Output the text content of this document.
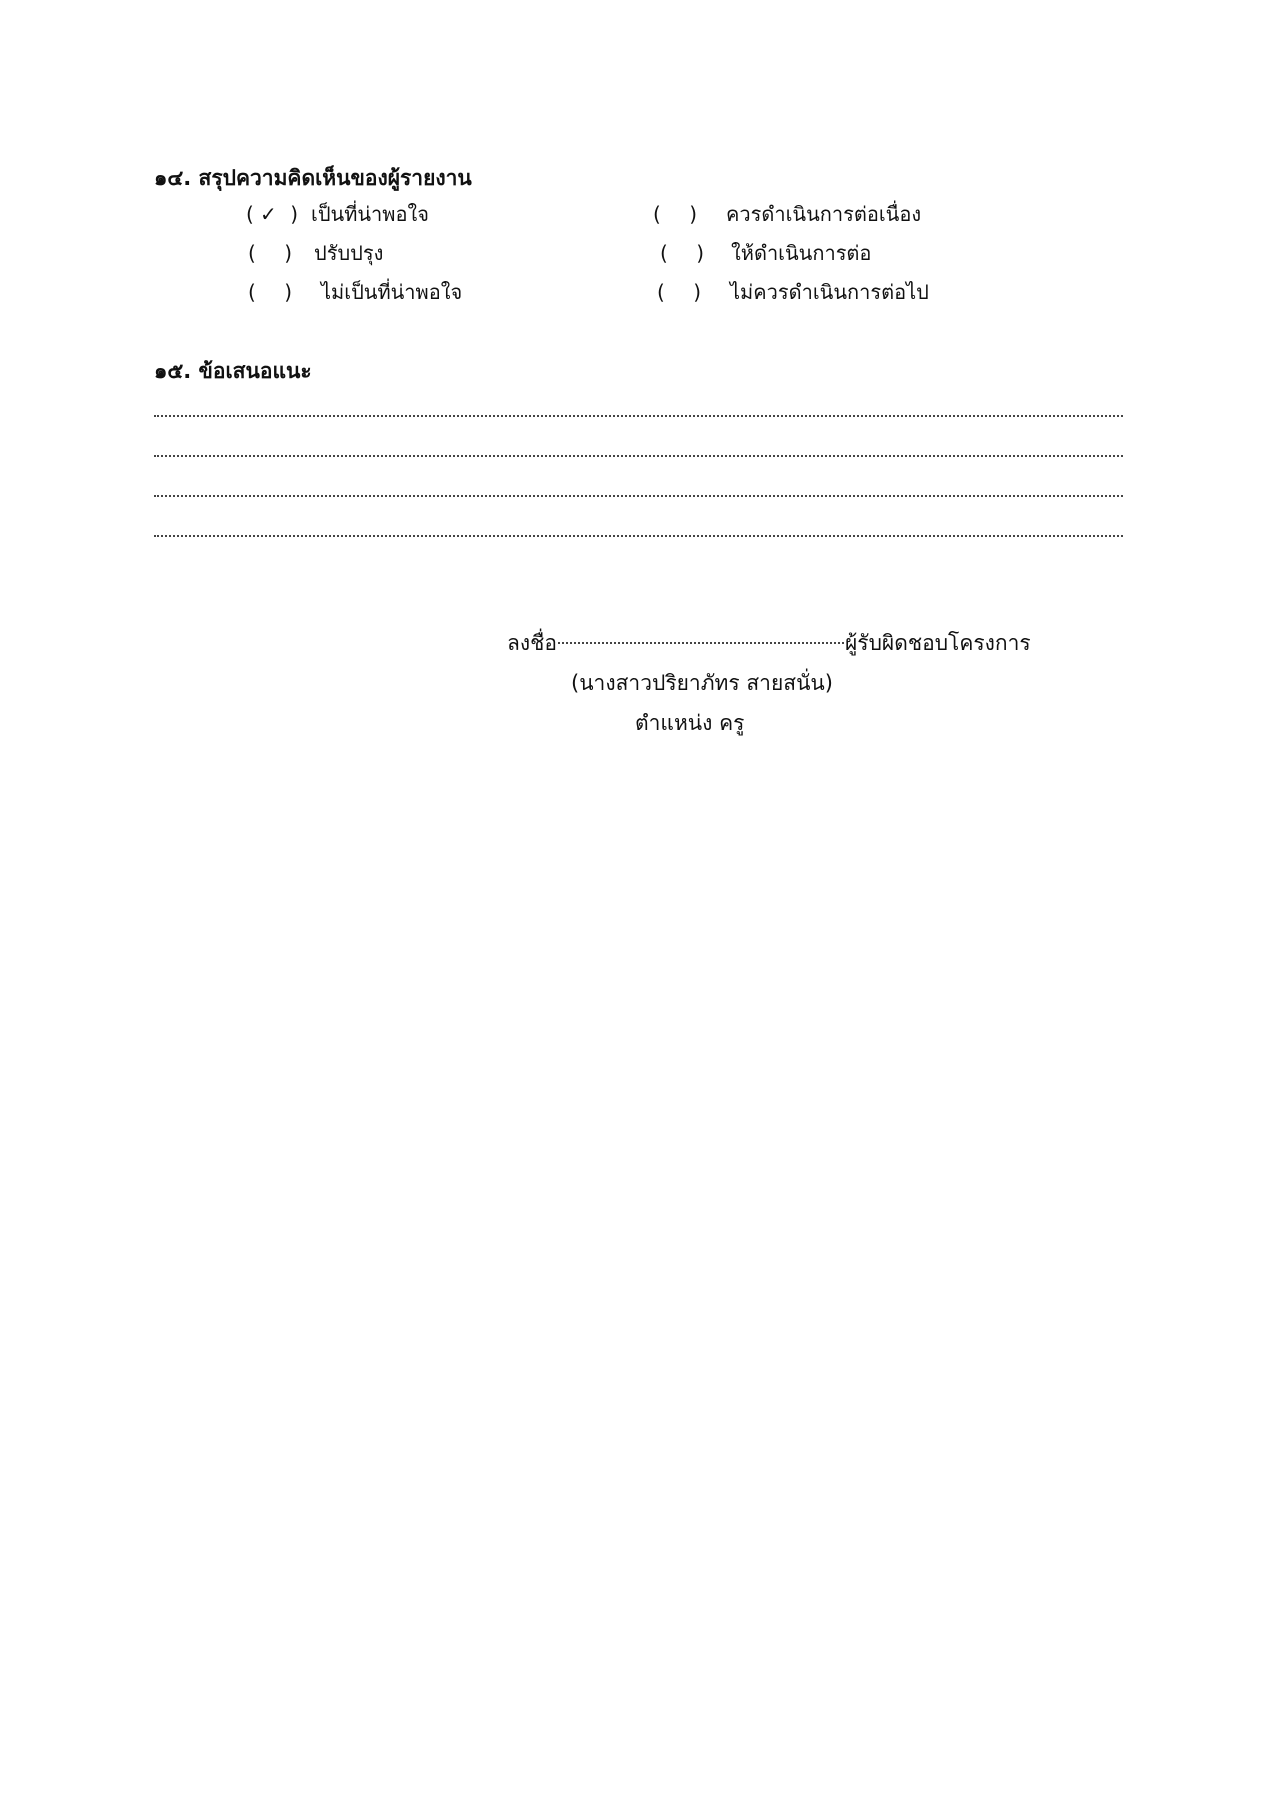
๑๔. สรุปความคิดเห็นของผู้รายงาน
( ✓ ) เป็นที่น่าพอใจ	( ) ควรดำเนินการต่อเนื่อง
( ) ปรับปรุง	( ) ให้ดำเนินการต่อ
( ) ไม่เป็นที่น่าพอใจ	( ) ไม่ควรดำเนินการต่อไป
๑๕. ข้อเสนอแนะ
ลงชื่อ	ผู้รับผิดชอบโครงการ
(นางสาวปริยาภัทร สายสนั่น)
ตำแหน่ง ครู
